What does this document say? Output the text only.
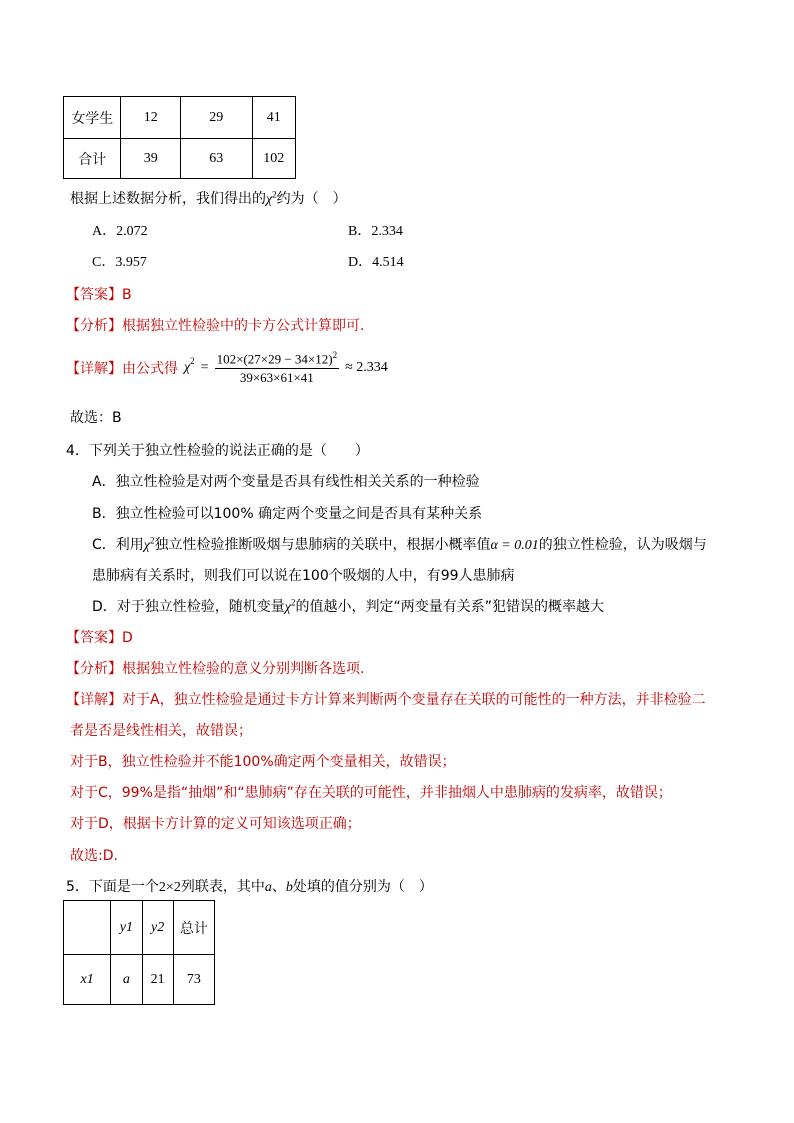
女学生	12	29	41
合计	39	63	102
根据上述数据分析，我们得出的$\chi^2$约为（　）
A．2.072	B．2.334
C．3.957	D．4.514
【答案】B
【分析】根据独立性检验中的卡方公式计算即可.
【详解】 由公式得 $\chi^2 = \frac{102\times(27\times 29 - 34\times 12)^2}{39\times 63\times 61\times 41} \approx 2.334$
故选：B
4．下列关于独立性检验的说法正确的是（　　）
A．独立性检验是对两个变量是否具有线性相关关系的一种检验
B．独立性检验可以100% 确定两个变量之间是否具有某种关系
C．利用$\chi^2$独立性检验推断吸烟与患肺病的关联中，根据小概率值α = 0.01的独立性检验，认为吸烟与
患肺病有关系时，则我们可以说在100个吸烟的人中，有99人患肺病
D．对于独立性检验，随机变量$\chi^2$的值越小，判定“两变量有关系”犯错误的概率越大
【答案】D
【分析】根据独立性检验的意义分别判断各选项.
【详解】对于A，独立性检验是通过卡方计算来判断两个变量存在关联的可能性的一种方法，并非检验二
者是否是线性相关，故错误；
对于B，独立性检验并不能100%确定两个变量相关，故错误；
对于C，99%是指“抽烟”和“患肺病”存在关联的可能性，并非抽烟人中患肺病的发病率，故错误；
对于D，根据卡方计算的定义可知该选项正确；
故选:D.
5．下面是一个2×2列联表，其中a、b处填的值分别为（　）
	y1	y2	总计
x1	a	21	73
